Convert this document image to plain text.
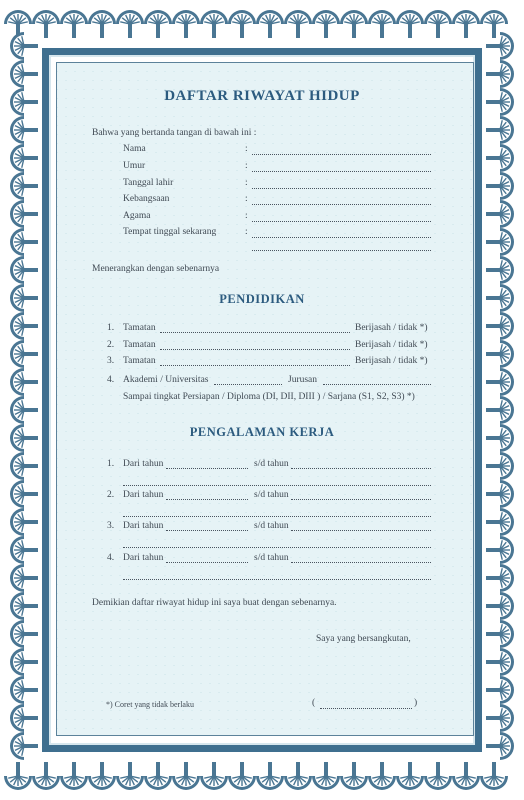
DAFTAR RIWAYAT HIDUP
Bahwa yang bertanda tangan di bawah ini :
Nama	:
Umur	:
Tanggal lahir	:
Kebangsaan	:
Agama	:
Tempat tinggal sekarang	:
Menerangkan dengan sebenarnya
PENDIDIKAN
1. Tamatan	Berijasah / tidak *)
2. Tamatan	Berijasah / tidak *)
3. Tamatan	Berijasah / tidak *)
4. Akademi / Universitas	Jurusan
Sampai tingkat Persiapan / Diploma (DI, DII, DIII ) / Sarjana (S1, S2, S3) *)
PENGALAMAN KERJA
1. Dari tahun	s/d tahun
2. Dari tahun	s/d tahun
3. Dari tahun	s/d tahun
4. Dari tahun	s/d tahun
Demikian daftar riwayat hidup ini saya buat dengan sebenarnya.
Saya yang bersangkutan,
*) Coret yang tidak berlaku	(	)
